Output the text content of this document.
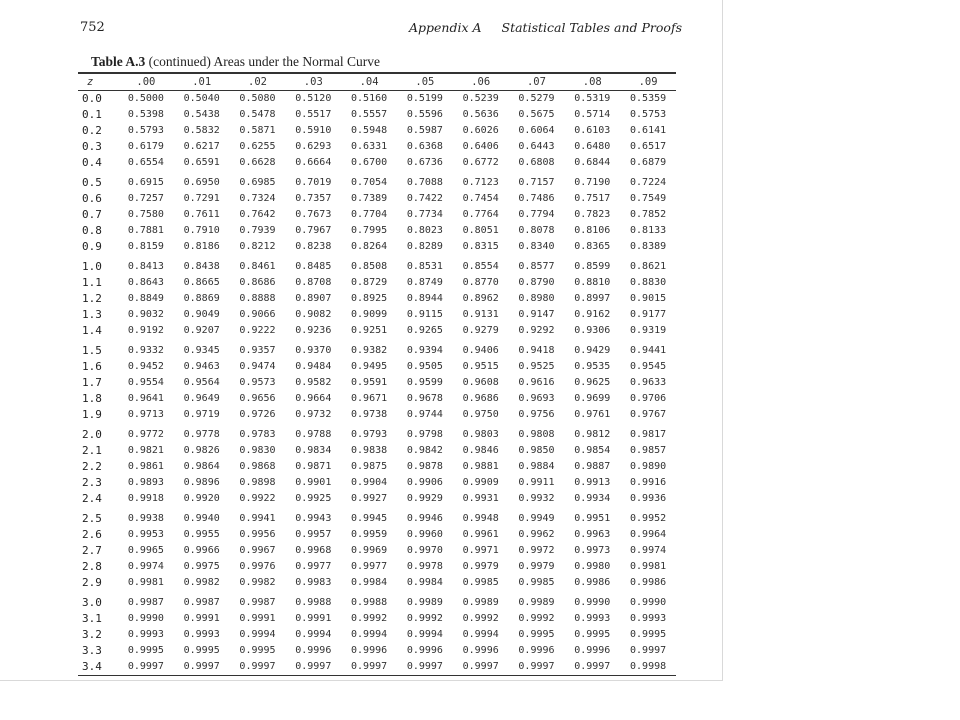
752	Appendix A Statistical Tables and Proofs
Table A.3 (continued) Areas under the Normal Curve
z	.00	.01	.02	.03	.04	.05	.06	.07	.08	.09
0.0	0.5000	0.5040	0.5080	0.5120	0.5160	0.5199	0.5239	0.5279	0.5319	0.5359
0.1	0.5398	0.5438	0.5478	0.5517	0.5557	0.5596	0.5636	0.5675	0.5714	0.5753
0.2	0.5793	0.5832	0.5871	0.5910	0.5948	0.5987	0.6026	0.6064	0.6103	0.6141
0.3	0.6179	0.6217	0.6255	0.6293	0.6331	0.6368	0.6406	0.6443	0.6480	0.6517
0.4	0.6554	0.6591	0.6628	0.6664	0.6700	0.6736	0.6772	0.6808	0.6844	0.6879
0.5	0.6915	0.6950	0.6985	0.7019	0.7054	0.7088	0.7123	0.7157	0.7190	0.7224
0.6	0.7257	0.7291	0.7324	0.7357	0.7389	0.7422	0.7454	0.7486	0.7517	0.7549
0.7	0.7580	0.7611	0.7642	0.7673	0.7704	0.7734	0.7764	0.7794	0.7823	0.7852
0.8	0.7881	0.7910	0.7939	0.7967	0.7995	0.8023	0.8051	0.8078	0.8106	0.8133
0.9	0.8159	0.8186	0.8212	0.8238	0.8264	0.8289	0.8315	0.8340	0.8365	0.8389
1.0	0.8413	0.8438	0.8461	0.8485	0.8508	0.8531	0.8554	0.8577	0.8599	0.8621
1.1	0.8643	0.8665	0.8686	0.8708	0.8729	0.8749	0.8770	0.8790	0.8810	0.8830
1.2	0.8849	0.8869	0.8888	0.8907	0.8925	0.8944	0.8962	0.8980	0.8997	0.9015
1.3	0.9032	0.9049	0.9066	0.9082	0.9099	0.9115	0.9131	0.9147	0.9162	0.9177
1.4	0.9192	0.9207	0.9222	0.9236	0.9251	0.9265	0.9279	0.9292	0.9306	0.9319
1.5	0.9332	0.9345	0.9357	0.9370	0.9382	0.9394	0.9406	0.9418	0.9429	0.9441
1.6	0.9452	0.9463	0.9474	0.9484	0.9495	0.9505	0.9515	0.9525	0.9535	0.9545
1.7	0.9554	0.9564	0.9573	0.9582	0.9591	0.9599	0.9608	0.9616	0.9625	0.9633
1.8	0.9641	0.9649	0.9656	0.9664	0.9671	0.9678	0.9686	0.9693	0.9699	0.9706
1.9	0.9713	0.9719	0.9726	0.9732	0.9738	0.9744	0.9750	0.9756	0.9761	0.9767
2.0	0.9772	0.9778	0.9783	0.9788	0.9793	0.9798	0.9803	0.9808	0.9812	0.9817
2.1	0.9821	0.9826	0.9830	0.9834	0.9838	0.9842	0.9846	0.9850	0.9854	0.9857
2.2	0.9861	0.9864	0.9868	0.9871	0.9875	0.9878	0.9881	0.9884	0.9887	0.9890
2.3	0.9893	0.9896	0.9898	0.9901	0.9904	0.9906	0.9909	0.9911	0.9913	0.9916
2.4	0.9918	0.9920	0.9922	0.9925	0.9927	0.9929	0.9931	0.9932	0.9934	0.9936
2.5	0.9938	0.9940	0.9941	0.9943	0.9945	0.9946	0.9948	0.9949	0.9951	0.9952
2.6	0.9953	0.9955	0.9956	0.9957	0.9959	0.9960	0.9961	0.9962	0.9963	0.9964
2.7	0.9965	0.9966	0.9967	0.9968	0.9969	0.9970	0.9971	0.9972	0.9973	0.9974
2.8	0.9974	0.9975	0.9976	0.9977	0.9977	0.9978	0.9979	0.9979	0.9980	0.9981
2.9	0.9981	0.9982	0.9982	0.9983	0.9984	0.9984	0.9985	0.9985	0.9986	0.9986
3.0	0.9987	0.9987	0.9987	0.9988	0.9988	0.9989	0.9989	0.9989	0.9990	0.9990
3.1	0.9990	0.9991	0.9991	0.9991	0.9992	0.9992	0.9992	0.9992	0.9993	0.9993
3.2	0.9993	0.9993	0.9994	0.9994	0.9994	0.9994	0.9994	0.9995	0.9995	0.9995
3.3	0.9995	0.9995	0.9995	0.9996	0.9996	0.9996	0.9996	0.9996	0.9996	0.9997
3.4	0.9997	0.9997	0.9997	0.9997	0.9997	0.9997	0.9997	0.9997	0.9997	0.9998
